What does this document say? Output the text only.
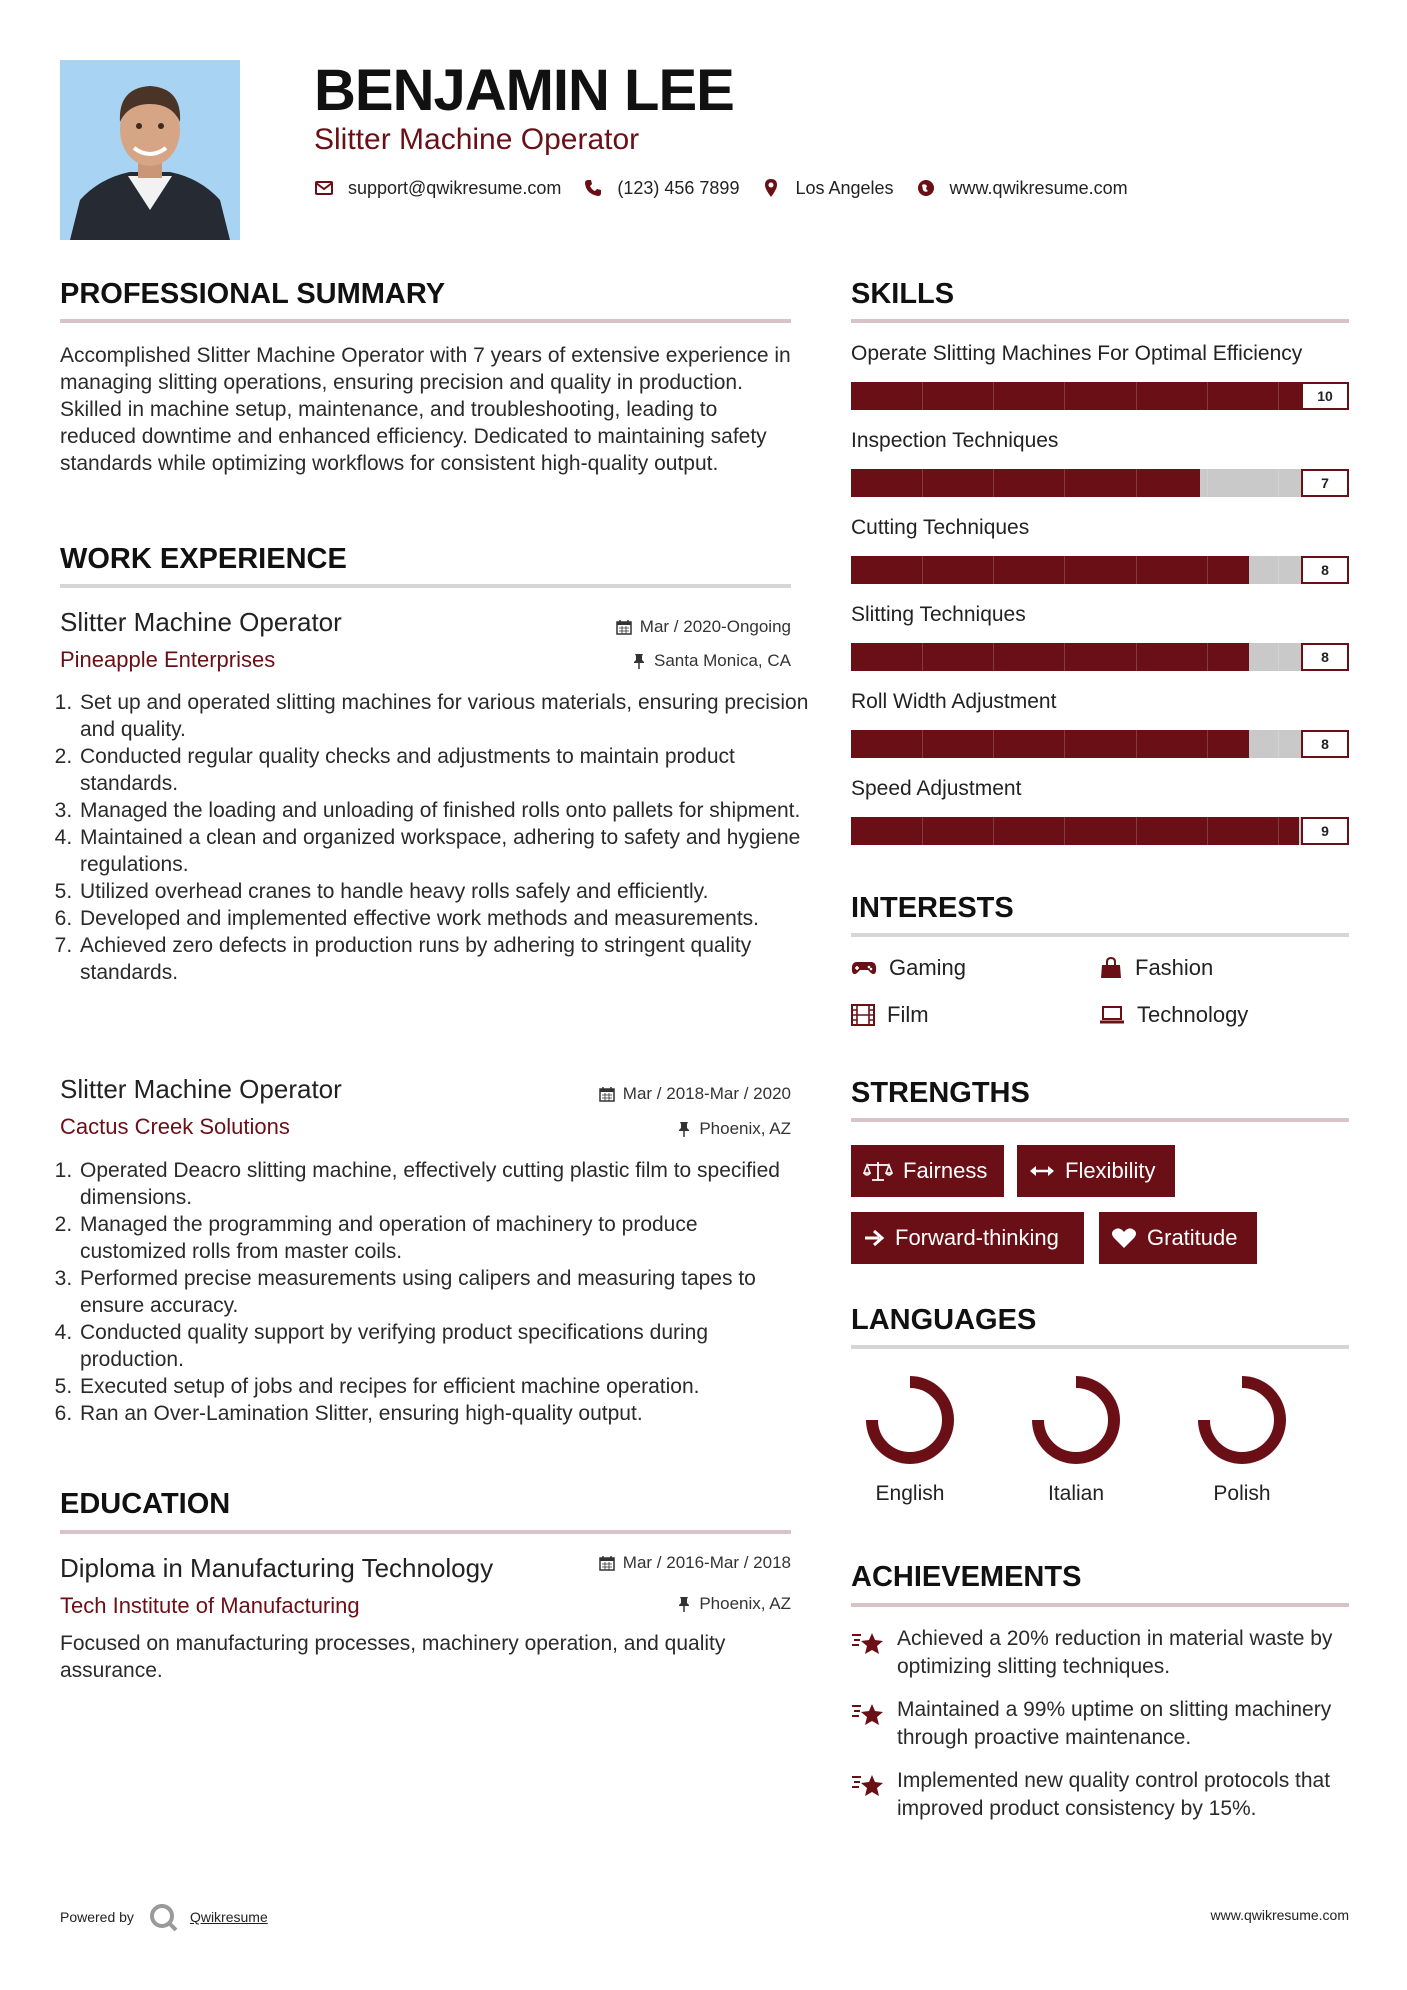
BENJAMIN LEE
Slitter Machine Operator
support@qwikresume.com	(123) 456 7899	Los Angeles	www.qwikresume.com
PROFESSIONAL SUMMARY
Accomplished Slitter Machine Operator with 7 years of extensive experience in managing slitting operations, ensuring precision and quality in production. Skilled in machine setup, maintenance, and troubleshooting, leading to reduced downtime and enhanced efficiency. Dedicated to maintaining safety standards while optimizing workflows for consistent high-quality output.
WORK EXPERIENCE
Slitter Machine Operator	Mar / 2020-Ongoing
Pineapple Enterprises	Santa Monica, CA
1. Set up and operated slitting machines for various materials, ensuring precision and quality.
2. Conducted regular quality checks and adjustments to maintain product standards.
3. Managed the loading and unloading of finished rolls onto pallets for shipment.
4. Maintained a clean and organized workspace, adhering to safety and hygiene regulations.
5. Utilized overhead cranes to handle heavy rolls safely and efficiently.
6. Developed and implemented effective work methods and measurements.
7. Achieved zero defects in production runs by adhering to stringent quality standards.
Slitter Machine Operator	Mar / 2018-Mar / 2020
Cactus Creek Solutions	Phoenix, AZ
1. Operated Deacro slitting machine, effectively cutting plastic film to specified dimensions.
2. Managed the programming and operation of machinery to produce customized rolls from master coils.
3. Performed precise measurements using calipers and measuring tapes to ensure accuracy.
4. Conducted quality support by verifying product specifications during production.
5. Executed setup of jobs and recipes for efficient machine operation.
6. Ran an Over-Lamination Slitter, ensuring high-quality output.
EDUCATION
Diploma in Manufacturing Technology	Mar / 2016-Mar / 2018
Tech Institute of Manufacturing	Phoenix, AZ
Focused on manufacturing processes, machinery operation, and quality assurance.
SKILLS
Operate Slitting Machines For Optimal Efficiency
10
Inspection Techniques
7
Cutting Techniques
8
Slitting Techniques
8
Roll Width Adjustment
8
Speed Adjustment
9
INTERESTS
Gaming	Fashion
Film	Technology
STRENGTHS
Fairness	Flexibility
Forward-thinking	Gratitude
LANGUAGES
English	Italian	Polish
ACHIEVEMENTS
Achieved a 20% reduction in material waste by optimizing slitting techniques.
Maintained a 99% uptime on slitting machinery through proactive maintenance.
Implemented new quality control protocols that improved product consistency by 15%.
Powered by	Qwikresume	www.qwikresume.com
